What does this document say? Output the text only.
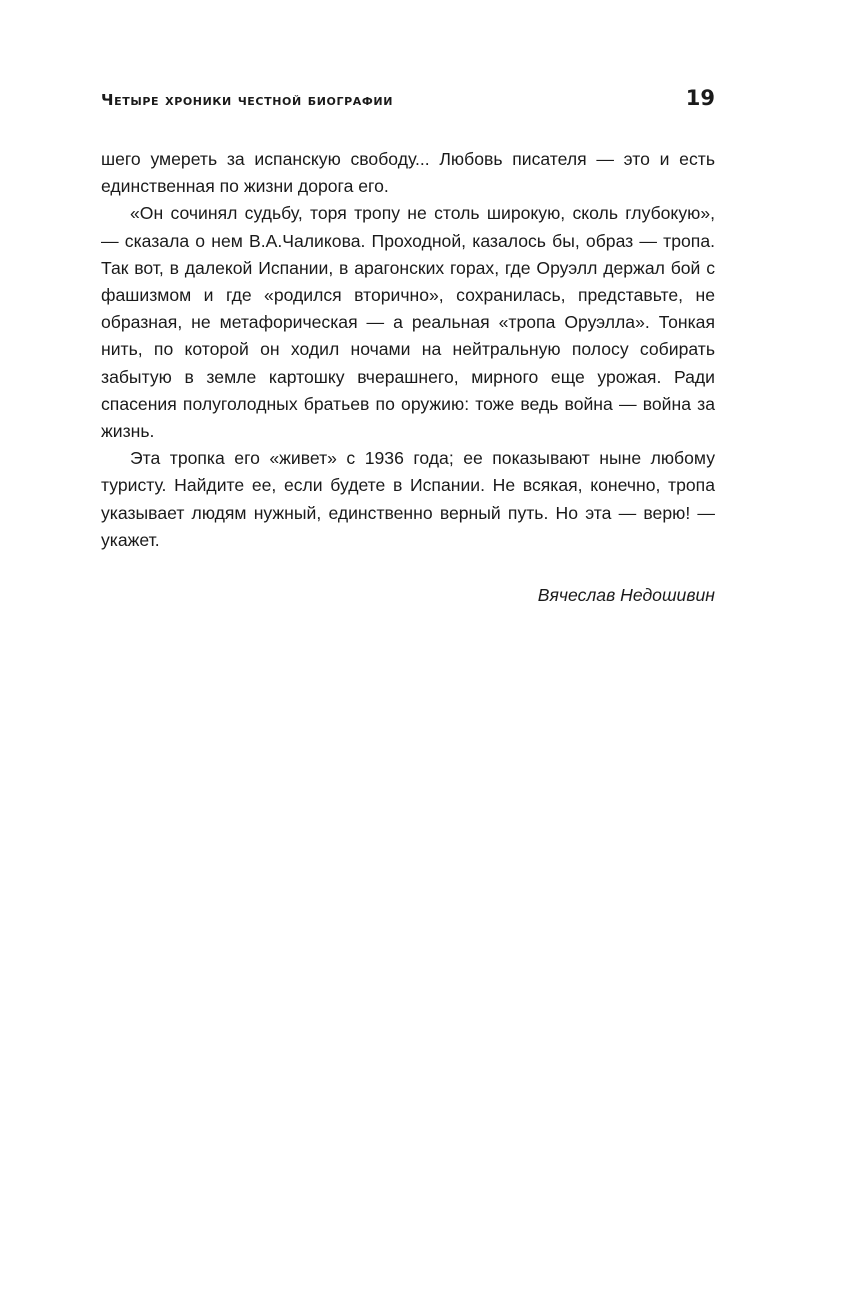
Четыре хроники честной биографии	19

шего умереть за испанскую свободу... Любовь писателя — это и есть единственная по жизни дорога его.

«Он сочинял судьбу, торя тропу не столь широкую, сколь глубокую», — сказала о нем В.А.Чаликова. Проходной, казалось бы, образ — тропа. Так вот, в далекой Испании, в арагонских горах, где Оруэлл держал бой с фашизмом и где «родился вторично», сохранилась, представьте, не образная, не метафорическая — а реальная «тропа Оруэлла». Тонкая нить, по которой он ходил ночами на нейтральную полосу собирать забытую в земле картошку вчерашнего, мирного еще урожая. Ради спасения полуголодных братьев по оружию: тоже ведь война — война за жизнь.

Эта тропка его «живет» с 1936 года; ее показывают ныне любому туристу. Найдите ее, если будете в Испании. Не всякая, конечно, тропа указывает людям нужный, единственно верный путь. Но эта — верю! — укажет.

Вячеслав Недошивин
